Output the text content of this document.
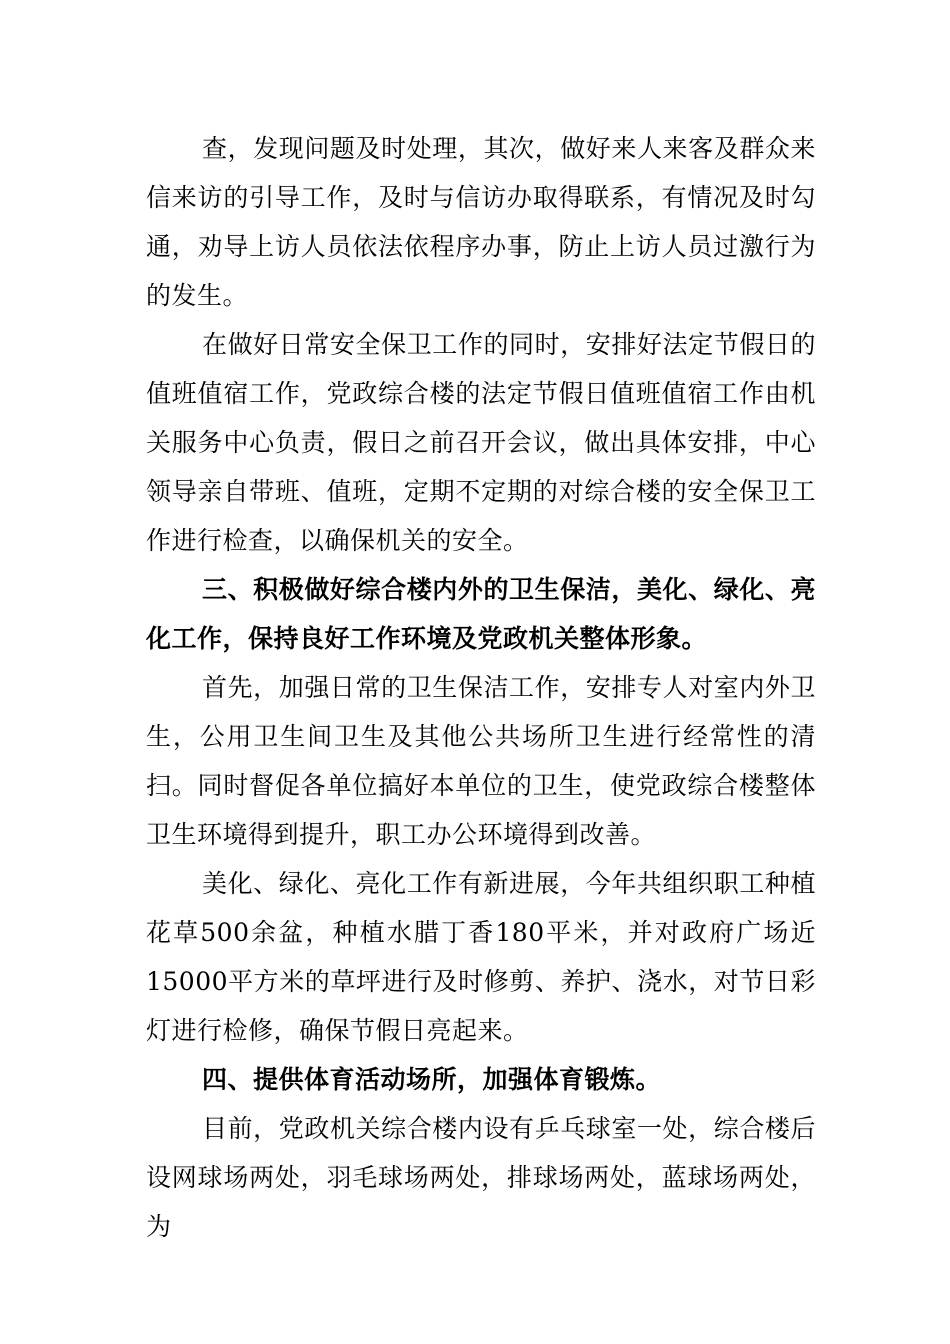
查，发现问题及时处理，其次，做好来人来客及群众来信来访的引导工作，及时与信访办取得联系，有情况及时勾通，劝导上访人员依法依程序办事，防止上访人员过激行为的发生。

在做好日常安全保卫工作的同时，安排好法定节假日的值班值宿工作，党政综合楼的法定节假日值班值宿工作由机关服务中心负责，假日之前召开会议，做出具体安排，中心领导亲自带班、值班，定期不定期的对综合楼的安全保卫工作进行检查，以确保机关的安全。

三、积极做好综合楼内外的卫生保洁，美化、绿化、亮化工作，保持良好工作环境及党政机关整体形象。

首先，加强日常的卫生保洁工作，安排专人对室内外卫生，公用卫生间卫生及其他公共场所卫生进行经常性的清扫。同时督促各单位搞好本单位的卫生，使党政综合楼整体卫生环境得到提升，职工办公环境得到改善。

美化、绿化、亮化工作有新进展，今年共组织职工种植花草500余盆，种植水腊丁香180平米，并对政府广场近15000平方米的草坪进行及时修剪、养护、浇水，对节日彩灯进行检修，确保节假日亮起来。

四、提供体育活动场所，加强体育锻炼。

目前，党政机关综合楼内设有乒乓球室一处，综合楼后设网球场两处，羽毛球场两处，排球场两处，蓝球场两处，为
